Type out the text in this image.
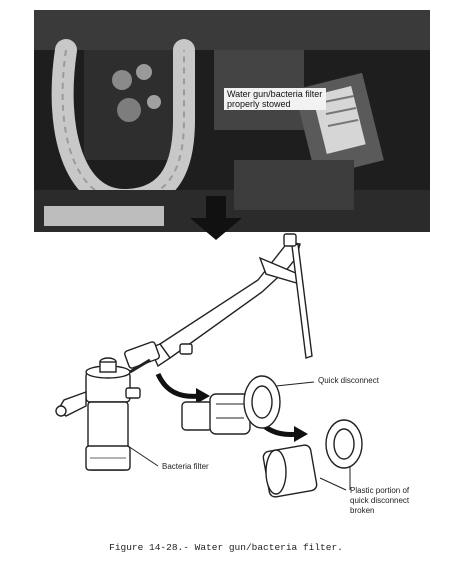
Water gun/bacteria filter properly stowed
Quick disconnect
Bacteria filter
Plastic portion of
quick disconnect
broken
Figure 14-28.- Water gun/bacteria filter.
